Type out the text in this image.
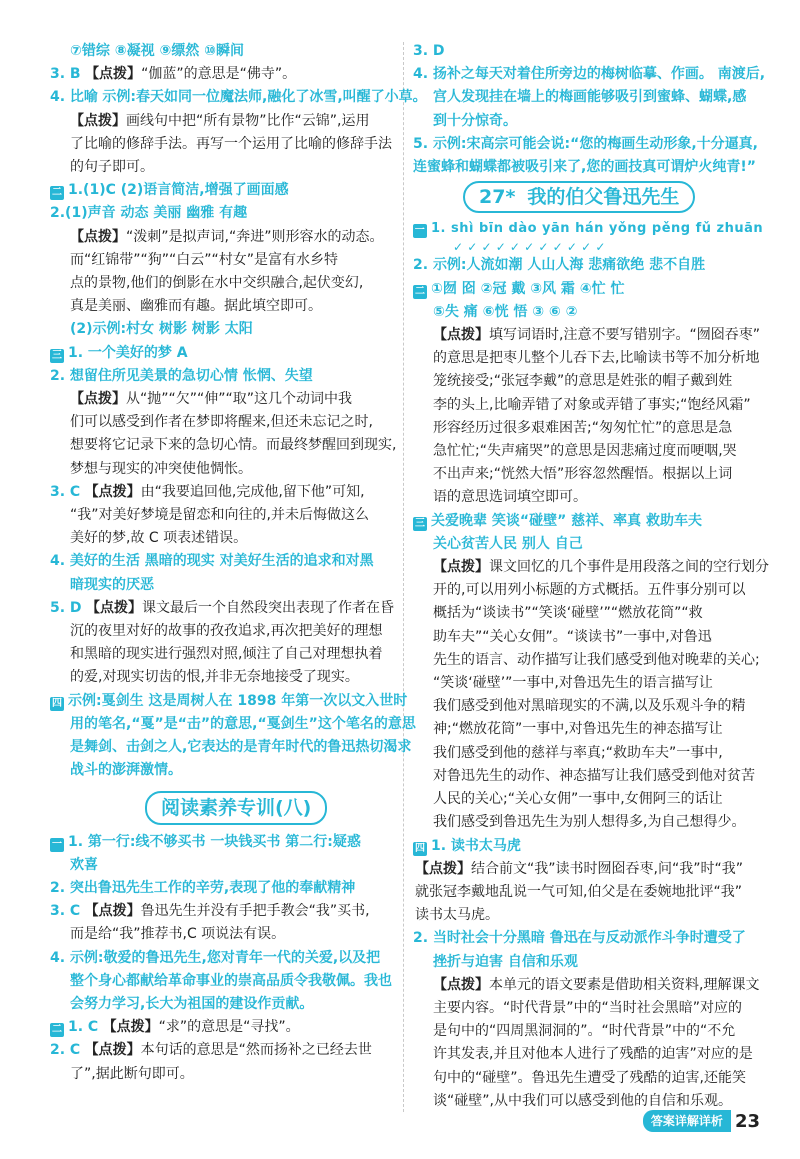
⑦错综 ⑧凝视 ⑨缥然 ⑩瞬间
3. B 【点拨】“伽蓝”的意思是“佛寺”。
4. 比喻 示例:春天如同一位魔法师,融化了冰雪,叫醒了小草。
【点拨】画线句中把“所有景物”比作“云锦”,运用
了比喻的修辞手法。再写一个运用了比喻的修辞手法
的句子即可。
二 1.(1)C (2)语言简洁,增强了画面感
2.(1)声音 动态 美丽 幽雅 有趣
【点拨】“泼刺”是拟声词,“奔进”则形容水的动态。
而“红锦带”“狗”“白云”“村女”是富有水乡特
点的景物,他们的倒影在水中交织融合,起伏变幻,
真是美丽、幽雅而有趣。据此填空即可。
(2)示例:村女 树影 树影 太阳
三 1. 一个美好的梦 A
2. 想留住所见美景的急切心情 怅惘、失望
【点拨】从“抛”“欠”“伸”“取”这几个动词中我
们可以感受到作者在梦即将醒来,但还未忘记之时,
想要将它记录下来的急切心情。而最终梦醒回到现实,
梦想与现实的冲突使他惆怅。
3. C 【点拨】由“我要追回他,完成他,留下他”可知,
“我”对美好梦境是留恋和向往的,并未后悔做这么
美好的梦,故 C 项表述错误。
4. 美好的生活 黑暗的现实 对美好生活的追求和对黑
暗现实的厌恶
5. D 【点拨】课文最后一个自然段突出表现了作者在昏
沉的夜里对好的故事的孜孜追求,再次把美好的理想
和黑暗的现实进行强烈对照,倾注了自己对理想执着
的爱,对现实切齿的恨,并非无奈地接受了现实。
四 示例:戛剑生 这是周树人在 1898 年第一次以文入世时
用的笔名,“戛”是“击”的意思,“戛剑生”这个笔名的意思
是舞剑、击剑之人,它表达的是青年时代的鲁迅热切渴求
战斗的澎湃激情。
阅读素养专训(八)
一 1. 第一行:线不够买书 一块钱买书 第二行:疑惑
欢喜
2. 突出鲁迅先生工作的辛劳,表现了他的奉献精神
3. C 【点拨】鲁迅先生并没有手把手教会“我”买书,
而是给“我”推荐书,C 项说法有误。
4. 示例:敬爱的鲁迅先生,您对青年一代的关爱,以及把
整个身心都献给革命事业的崇高品质令我敬佩。我也
会努力学习,长大为祖国的建设作贡献。
二 1. C 【点拨】“求”的意思是“寻找”。
2. C 【点拨】本句话的意思是“然而扬补之已经去世
了”,据此断句即可。
3. D
4. 扬补之每天对着住所旁边的梅树临摹、作画。 南渡后,
宫人发现挂在墙上的梅画能够吸引到蜜蜂、蝴蝶,感
到十分惊奇。
5. 示例:宋高宗可能会说:“您的梅画生动形象,十分逼真,
连蜜蜂和蝴蝶都被吸引来了,您的画技真可谓炉火纯青!”
27* 我的伯父鲁迅先生
一 1. shì bīn dào yān hán yǒng pěng fǔ zhuān
✓ ✓ ✓ ✓ ✓ ✓ ✓ ✓ ✓ ✓ ✓
2. 示例:人流如潮 人山人海 悲痛欲绝 悲不自胜
二 ①囫 囵 ②冠 戴 ③风 霜 ④忙 忙
⑤失 痛 ⑥恍 悟 ③ ⑥ ②
【点拨】填写词语时,注意不要写错别字。“囫囵吞枣”
的意思是把枣儿整个儿吞下去,比喻读书等不加分析地
笼统接受;“张冠李戴”的意思是姓张的帽子戴到姓
李的头上,比喻弄错了对象或弄错了事实;“饱经风霜”
形容经历过很多艰难困苦;“匆匆忙忙”的意思是急
急忙忙;“失声痛哭”的意思是因悲痛过度而哽咽,哭
不出声来;“恍然大悟”形容忽然醒悟。根据以上词
语的意思选词填空即可。
三 关爱晚辈 笑谈“碰壁” 慈祥、率真 救助车夫
关心贫苦人民 别人 自己
【点拨】课文回忆的几个事件是用段落之间的空行划分
开的,可以用列小标题的方式概括。五件事分别可以
概括为“谈读书”“笑谈‘碰壁’”“燃放花筒”“救
助车夫”“关心女佣”。“谈读书”一事中,对鲁迅
先生的语言、动作描写让我们感受到他对晚辈的关心;
“笑谈‘碰壁’”一事中,对鲁迅先生的语言描写让
我们感受到他对黑暗现实的不满,以及乐观斗争的精
神;“燃放花筒”一事中,对鲁迅先生的神态描写让
我们感受到他的慈祥与率真;“救助车夫”一事中,
对鲁迅先生的动作、神态描写让我们感受到他对贫苦
人民的关心;“关心女佣”一事中,女佣阿三的话让
我们感受到鲁迅先生为别人想得多,为自己想得少。
四 1. 读书太马虎
【点拨】结合前文“我”读书时囫囵吞枣,问“我”时“我”
就张冠李戴地乱说一气可知,伯父是在委婉地批评“我”
读书太马虎。
2. 当时社会十分黑暗 鲁迅在与反动派作斗争时遭受了
挫折与迫害 自信和乐观
【点拨】本单元的语文要素是借助相关资料,理解课文
主要内容。“时代背景”中的“当时社会黑暗”对应的
是句中的“四周黑洞洞的”。“时代背景”中的“不允
许其发表,并且对他本人进行了残酷的迫害”对应的是
句中的“碰壁”。鲁迅先生遭受了残酷的迫害,还能笑
谈“碰壁”,从中我们可以感受到他的自信和乐观。
答案详解详析 23
